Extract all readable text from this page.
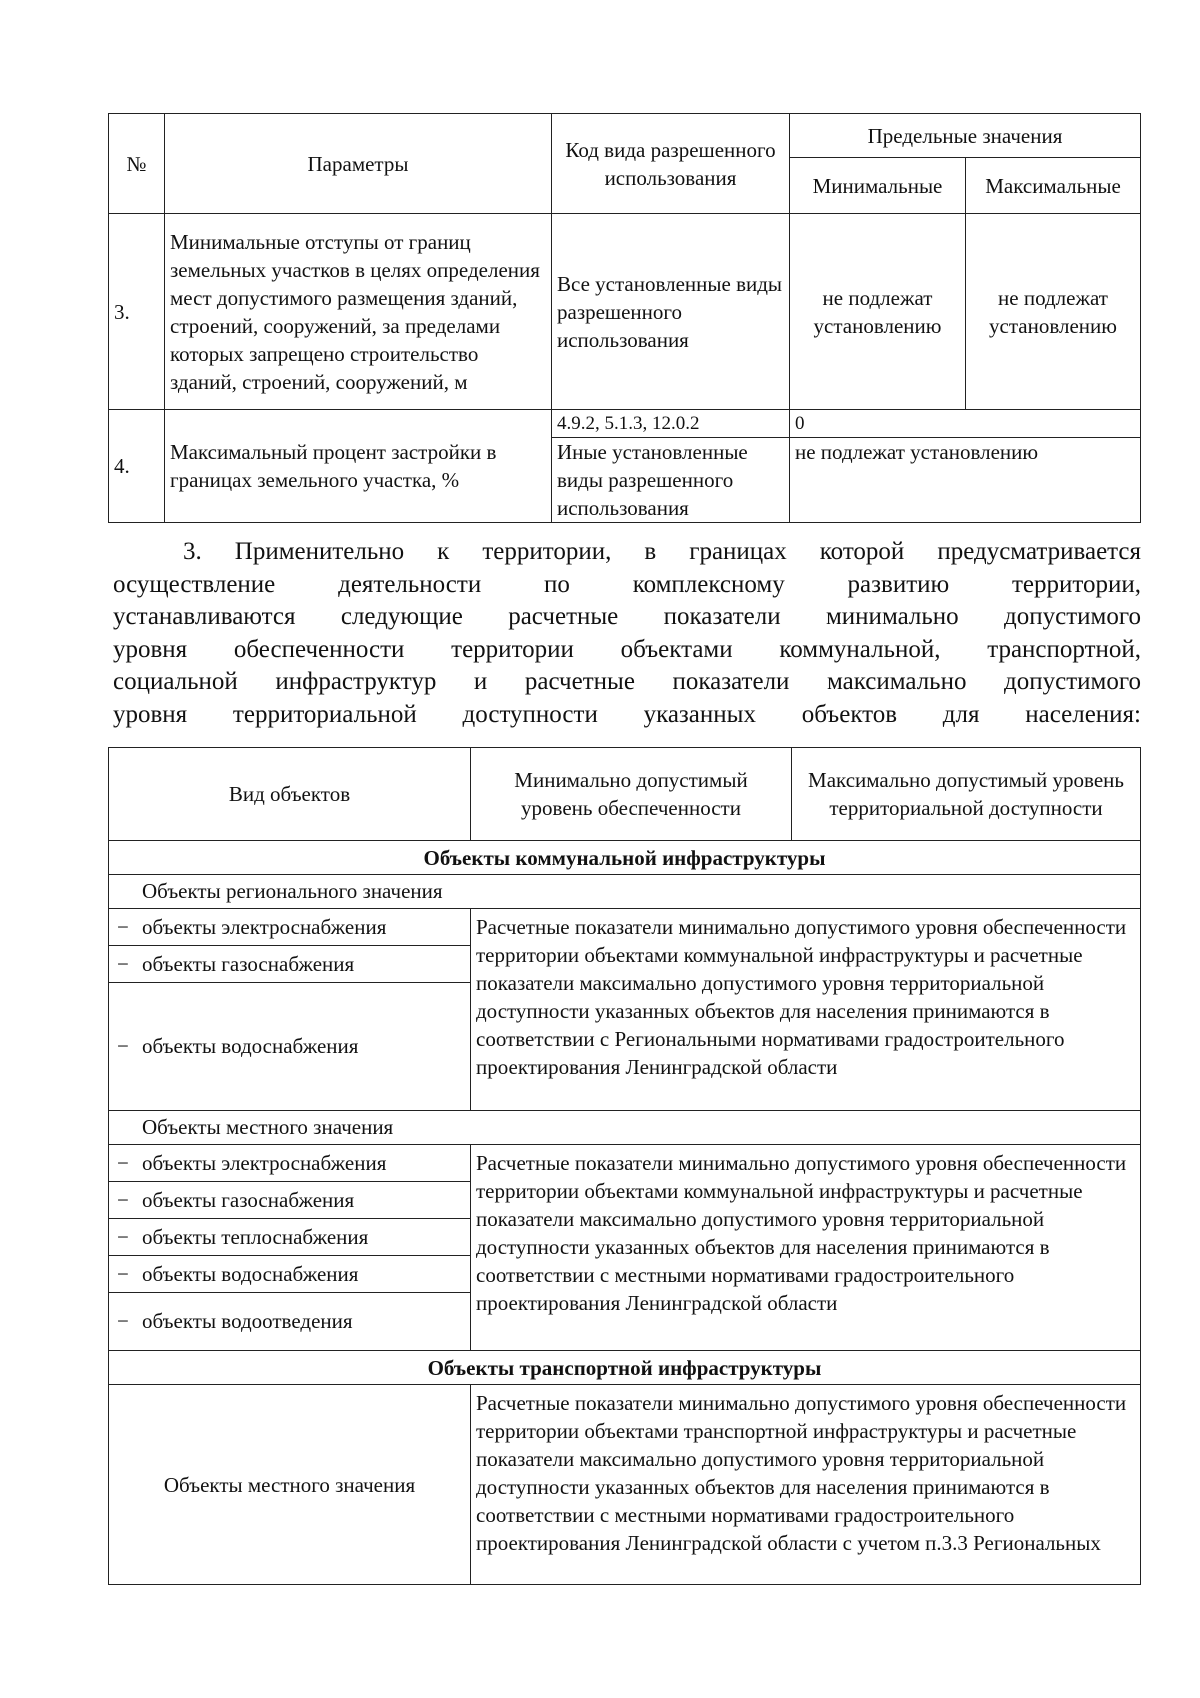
№	Параметры	Код вида разрешенного использования	Предельные значения	
			Минимальные	Максимальные
3.	Минимальные отступы от границ земельных участков в целях определения мест допустимого размещения зданий, строений, сооружений, за пределами которых запрещено строительство зданий, строений, сооружений, м	Все установленные виды разрешенного использования	не подлежат установлению	не подлежат установлению
4.	Максимальный процент застройки в границах земельного участка, %	4.9.2, 5.1.3, 12.0.2	0	
		Иные установленные виды разрешенного использования	не подлежат установлению	
3. Применительно к территории, в границах которой предусматривается
осуществление деятельности по комплексному развитию территории,
устанавливаются следующие расчетные показатели минимально допустимого
уровня обеспеченности территории объектами коммунальной, транспортной,
социальной инфраструктур и расчетные показатели максимально допустимого
уровня территориальной доступности указанных объектов для населения:
Вид объектов	Минимально допустимый уровень обеспеченности	Максимально допустимый уровень территориальной доступности
Объекты коммунальной инфраструктуры		
Объекты регионального значения		
− объекты электроснабжения	Расчетные показатели минимально допустимого уровня обеспеченности территории объектами коммунальной инфраструктуры и расчетные показатели максимально допустимого уровня территориальной доступности указанных объектов для населения принимаются в соответствии с Региональными нормативами градостроительного проектирования Ленинградской области	
− объекты газоснабжения		
− объекты водоснабжения		
Объекты местного значения		
− объекты электроснабжения	Расчетные показатели минимально допустимого уровня обеспеченности территории объектами коммунальной инфраструктуры и расчетные показатели максимально допустимого уровня территориальной доступности указанных объектов для населения принимаются в соответствии с местными нормативами градостроительного проектирования Ленинградской области	
− объекты газоснабжения		
− объекты теплоснабжения		
− объекты водоснабжения		
− объекты водоотведения		
Объекты транспортной инфраструктуры		
Объекты местного значения	Расчетные показатели минимально допустимого уровня обеспеченности территории объектами транспортной инфраструктуры и расчетные показатели максимально допустимого уровня территориальной доступности указанных объектов для населения принимаются в соответствии с местными нормативами градостроительного проектирования Ленинградской области с учетом п.3.3 Региональных	
